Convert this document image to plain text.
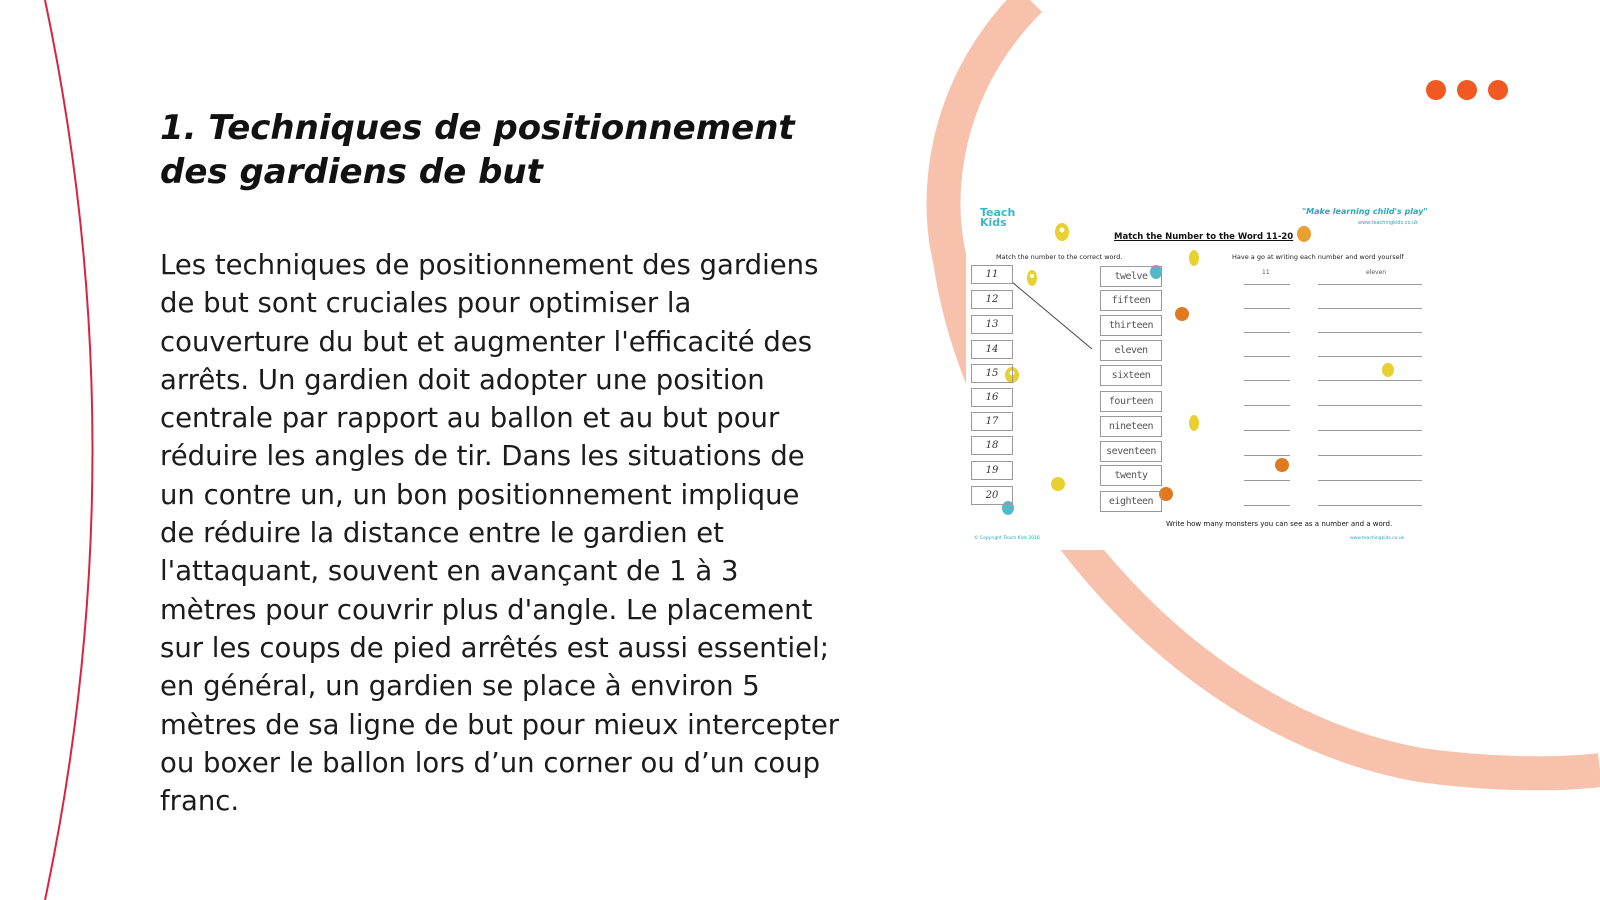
1. Techniques de positionnement des gardiens de but

Les techniques de positionnement des gardiens de but sont cruciales pour optimiser la couverture du but et augmenter l'efficacité des arrêts. Un gardien doit adopter une position centrale par rapport au ballon et au but pour réduire les angles de tir. Dans les situations de un contre un, un bon positionnement implique de réduire la distance entre le gardien et l'attaquant, souvent en avançant de 1 à 3 mètres pour couvrir plus d'angle. Le placement sur les coups de pied arrêtés est aussi essentiel; en général, un gardien se place à environ 5 mètres de sa ligne de but pour mieux intercepter ou boxer le ballon lors d’un corner ou d’un coup franc.

Teach Kids
"Make learning child's play"
www.teachingkids.co.uk
Match the Number to the Word 11-20
Match the number to the correct word.	Have a go at writing each number and word yourself
11	eleven
11
12
13
14
15
16
17
18
19
20
twelve
fifteen
thirteen
eleven
sixteen
fourteen
nineteen
seventeen
twenty
eighteen
Write how many monsters you can see as a number and a word.
© Copyright Teach Kids 2016	www.teachingkids.co.uk
